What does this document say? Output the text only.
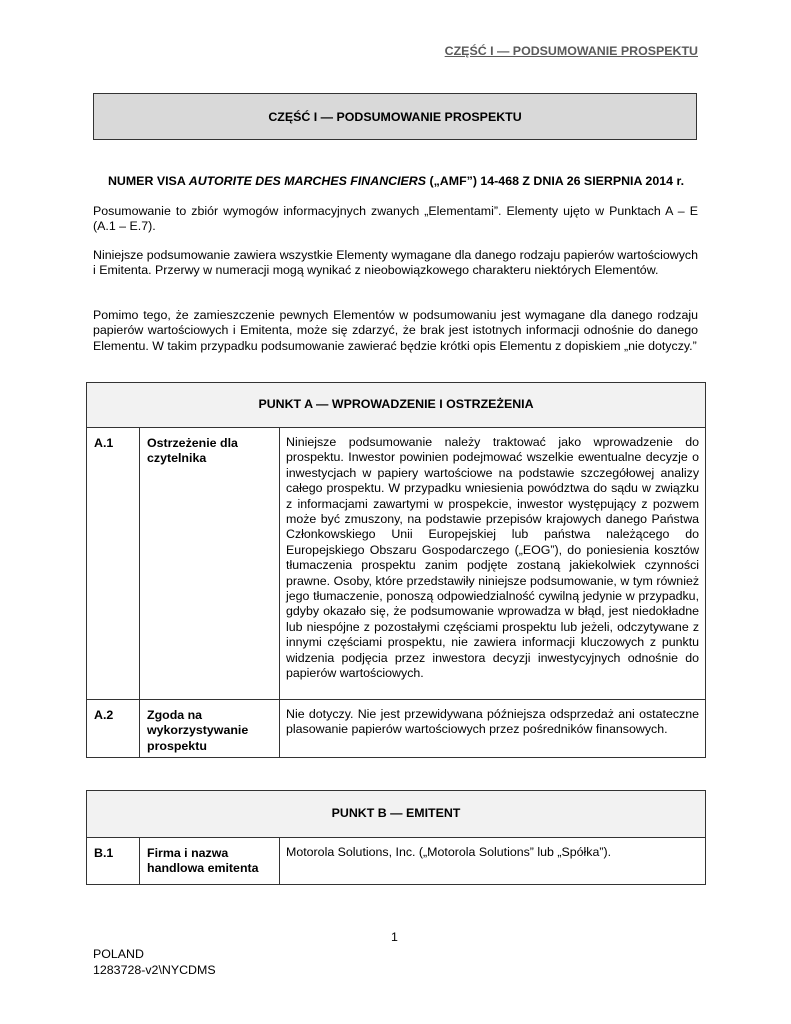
CZĘŚĆ I — PODSUMOWANIE PROSPEKTU
CZĘŚĆ I — PODSUMOWANIE PROSPEKTU
NUMER VISA AUTORITE DES MARCHES FINANCIERS („AMF”) 14-468 Z DNIA 26 SIERPNIA 2014 r.
Posumowanie to zbiór wymogów informacyjnych zwanych „Elementami”. Elementy ujęto w Punktach A – E (A.1 – E.7).
Niniejsze podsumowanie zawiera wszystkie Elementy wymagane dla danego rodzaju papierów wartościowych i Emitenta. Przerwy w numeracji mogą wynikać z nieobowiązkowego charakteru niektórych Elementów.
Pomimo tego, że zamieszczenie pewnych Elementów w podsumowaniu jest wymagane dla danego rodzaju papierów wartościowych i Emitenta, może się zdarzyć, że brak jest istotnych informacji odnośnie do danego Elementu. W takim przypadku podsumowanie zawierać będzie krótki opis Elementu z dopiskiem „nie dotyczy.”
PUNKT A — WPROWADZENIE I OSTRZEŻENIA		
A.1	Ostrzeżenie dla czytelnika	Niniejsze podsumowanie należy traktować jako wprowadzenie do prospektu. Inwestor powinien podejmować wszelkie ewentualne decyzje o inwestycjach w papiery wartościowe na podstawie szczegółowej analizy całego prospektu. W przypadku wniesienia powództwa do sądu w związku z informacjami zawartymi w prospekcie, inwestor występujący z pozwem może być zmuszony, na podstawie przepisów krajowych danego Państwa Członkowskiego Unii Europejskiej lub państwa należącego do Europejskiego Obszaru Gospodarczego („EOG”), do poniesienia kosztów tłumaczenia prospektu zanim podjęte zostaną jakiekolwiek czynności prawne. Osoby, które przedstawiły niniejsze podsumowanie, w tym również jego tłumaczenie, ponoszą odpowiedzialność cywilną jedynie w przypadku, gdyby okazało się, że podsumowanie wprowadza w błąd, jest niedokładne lub niespójne z pozostałymi częściami prospektu lub jeżeli, odczytywane z innymi częściami prospektu, nie zawiera informacji kluczowych z punktu widzenia podjęcia przez inwestora decyzji inwestycyjnych odnośnie do papierów wartościowych.
A.2	Zgoda na wykorzystywanie prospektu	Nie dotyczy. Nie jest przewidywana późniejsza odsprzedaż ani ostateczne plasowanie papierów wartościowych przez pośredników finansowych.
PUNKT B — EMITENT
B.1	Firma i nazwa handlowa emitenta	Motorola Solutions, Inc. („Motorola Solutions” lub „Spółka”).
1
POLAND
1283728-v2\NYCDMS
